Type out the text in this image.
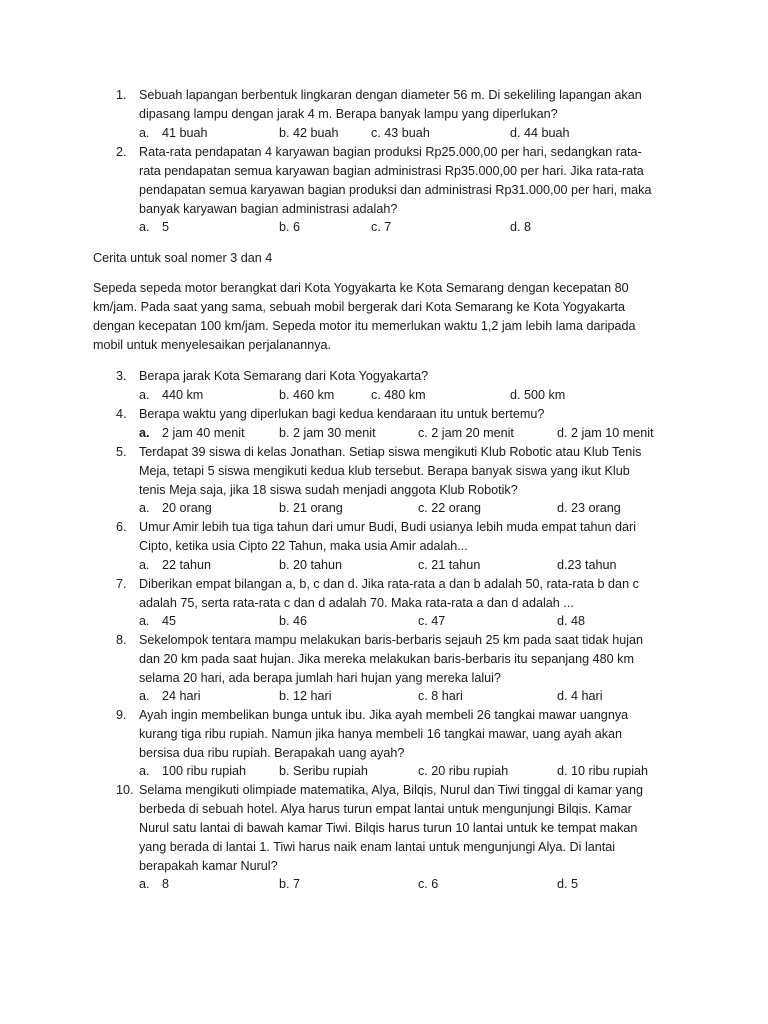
1. Sebuah lapangan berbentuk lingkaran dengan diameter 56 m. Di sekeliling lapangan akan
dipasang lampu dengan jarak 4 m. Berapa banyak lampu yang diperlukan?
a. 41 buah	b. 42 buah	c. 43 buah	d. 44 buah
2. Rata-rata pendapatan 4 karyawan bagian produksi Rp25.000,00 per hari, sedangkan rata-
rata pendapatan semua karyawan bagian administrasi Rp35.000,00 per hari. Jika rata-rata
pendapatan semua karyawan bagian produksi dan administrasi Rp31.000,00 per hari, maka
banyak karyawan bagian administrasi adalah?
a. 5	b. 6	c. 7	d. 8
Cerita untuk soal nomer 3 dan 4
Sepeda sepeda motor berangkat dari Kota Yogyakarta ke Kota Semarang dengan kecepatan 80
km/jam. Pada saat yang sama, sebuah mobil bergerak dari Kota Semarang ke Kota Yogyakarta
dengan kecepatan 100 km/jam. Sepeda motor itu memerlukan waktu 1,2 jam lebih lama daripada
mobil untuk menyelesaikan perjalanannya.
3. Berapa jarak Kota Semarang dari Kota Yogyakarta?
a. 440 km	b. 460 km	c. 480 km	d. 500 km
4. Berapa waktu yang diperlukan bagi kedua kendaraan itu untuk bertemu?
a. 2 jam 40 menit	b. 2 jam 30 menit	c. 2 jam 20 menit	d. 2 jam 10 menit
5. Terdapat 39 siswa di kelas Jonathan. Setiap siswa mengikuti Klub Robotic atau Klub Tenis
Meja, tetapi 5 siswa mengikuti kedua klub tersebut. Berapa banyak siswa yang ikut Klub
tenis Meja saja, jika 18 siswa sudah menjadi anggota Klub Robotik?
a. 20 orang	b. 21 orang	c. 22 orang	d. 23 orang
6. Umur Amir lebih tua tiga tahun dari umur Budi, Budi usianya lebih muda empat tahun dari
Cipto, ketika usia Cipto 22 Tahun, maka usia Amir adalah...
a. 22 tahun	b. 20 tahun	c. 21 tahun	d.23 tahun
7. Diberikan empat bilangan a, b, c dan d. Jika rata-rata a dan b adalah 50, rata-rata b dan c
adalah 75, serta rata-rata c dan d adalah 70. Maka rata-rata a dan d adalah ...
a. 45	b. 46	c. 47	d. 48
8. Sekelompok tentara mampu melakukan baris-berbaris sejauh 25 km pada saat tidak hujan
dan 20 km pada saat hujan. Jika mereka melakukan baris-berbaris itu sepanjang 480 km
selama 20 hari, ada berapa jumlah hari hujan yang mereka lalui?
a. 24 hari	b. 12 hari	c. 8 hari	d. 4 hari
9. Ayah ingin membelikan bunga untuk ibu. Jika ayah membeli 26 tangkai mawar uangnya
kurang tiga ribu rupiah. Namun jika hanya membeli 16 tangkai mawar, uang ayah akan
bersisa dua ribu rupiah. Berapakah uang ayah?
a. 100 ribu rupiah	b. Seribu rupiah	c. 20 ribu rupiah	d. 10 ribu rupiah
10. Selama mengikuti olimpiade matematika, Alya, Bilqis, Nurul dan Tiwi tinggal di kamar yang
berbeda di sebuah hotel. Alya harus turun empat lantai untuk mengunjungi Bilqis. Kamar
Nurul satu lantai di bawah kamar Tiwi. Bilqis harus turun 10 lantai untuk ke tempat makan
yang berada di lantai 1. Tiwi harus naik enam lantai untuk mengunjungi Alya. Di lantai
berapakah kamar Nurul?
a. 8	b. 7	c. 6	d. 5
